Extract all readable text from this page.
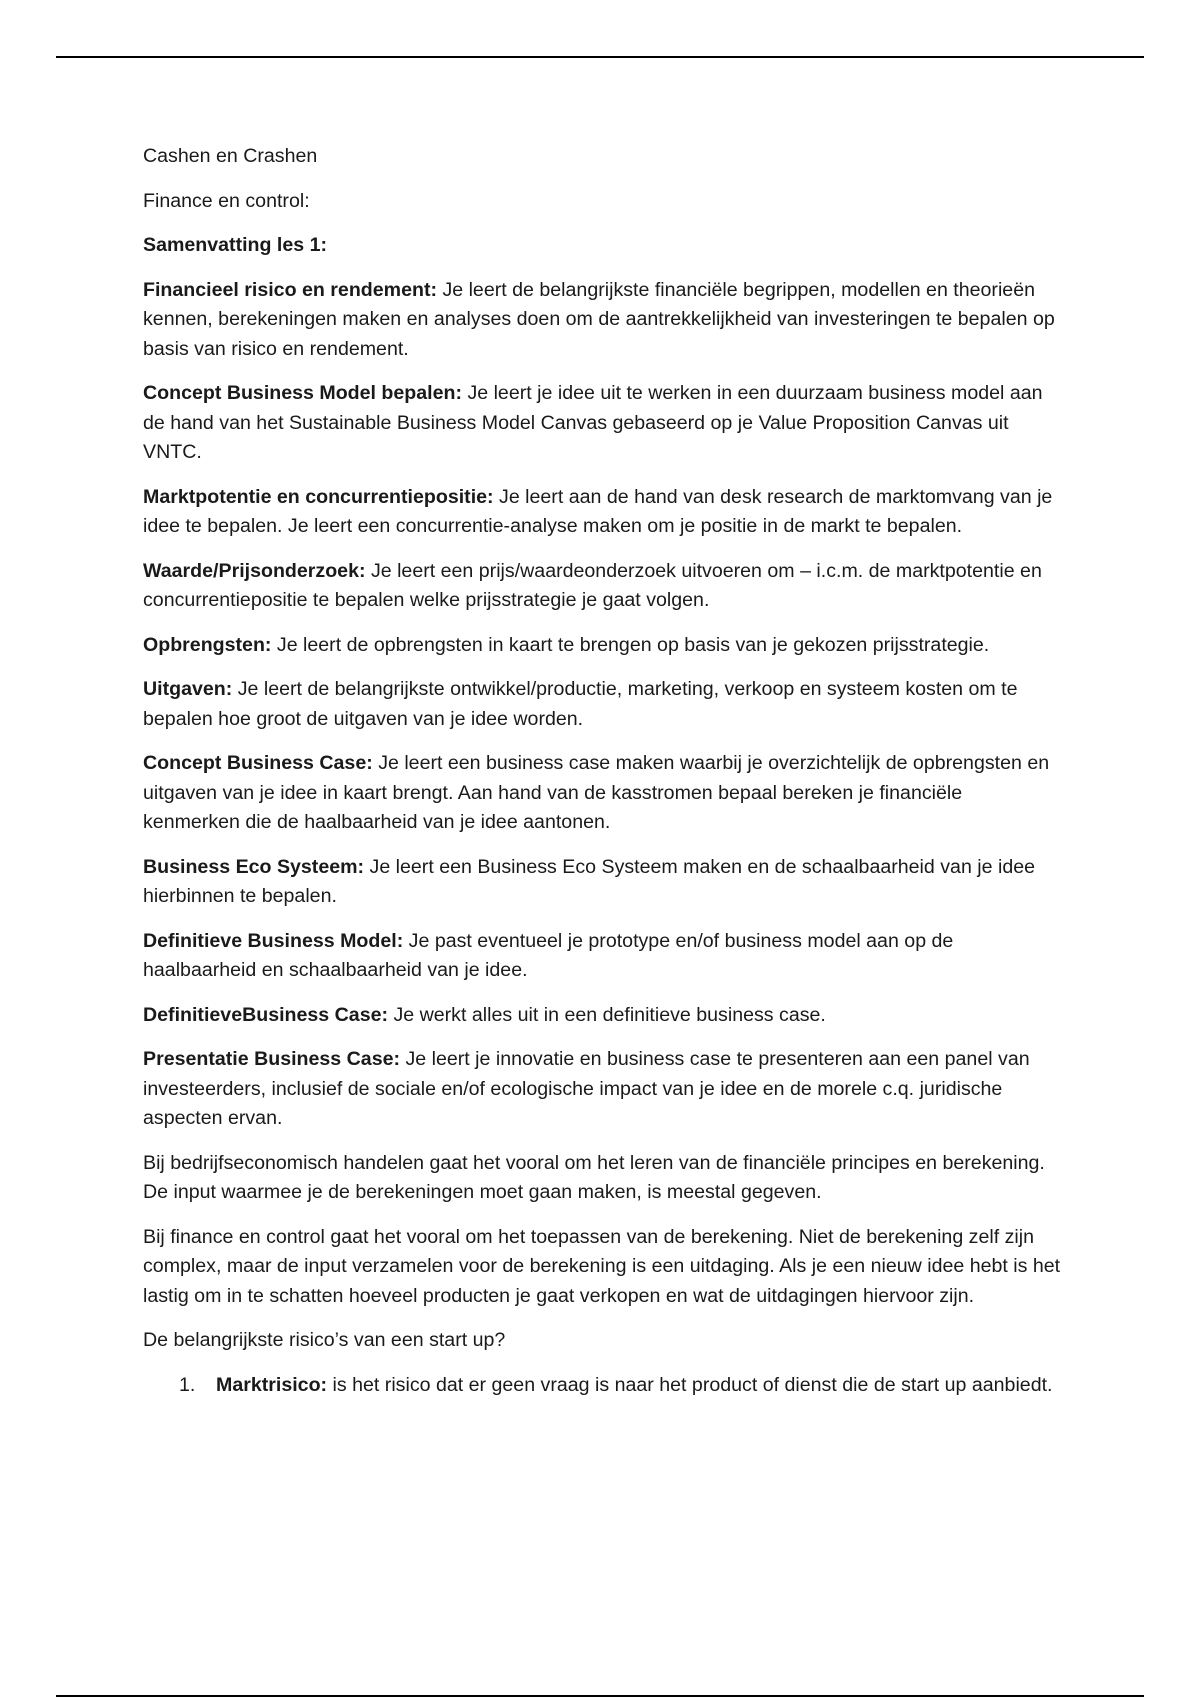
Cashen en Crashen

Finance en control:

Samenvatting les 1:

Financieel risico en rendement: Je leert de belangrijkste financiële begrippen, modellen en theorieën kennen, berekeningen maken en analyses doen om de aantrekkelijkheid van investeringen te bepalen op basis van risico en rendement.

Concept Business Model bepalen: Je leert je idee uit te werken in een duurzaam business model aan de hand van het Sustainable Business Model Canvas gebaseerd op je Value Proposition Canvas uit VNTC.

Marktpotentie en concurrentiepositie: Je leert aan de hand van desk research de marktomvang van je idee te bepalen. Je leert een concurrentie-analyse maken om je positie in de markt te bepalen.

Waarde/Prijsonderzoek: Je leert een prijs/waardeonderzoek uitvoeren om – i.c.m. de marktpotentie en concurrentiepositie te bepalen welke prijsstrategie je gaat volgen.

Opbrengsten: Je leert de opbrengsten in kaart te brengen op basis van je gekozen prijsstrategie.

Uitgaven: Je leert de belangrijkste ontwikkel/productie, marketing, verkoop en systeem kosten om te bepalen hoe groot de uitgaven van je idee worden.

Concept Business Case: Je leert een business case maken waarbij je overzichtelijk de opbrengsten en uitgaven van je idee in kaart brengt. Aan hand van de kasstromen bepaal bereken je financiële kenmerken die de haalbaarheid van je idee aantonen.

Business Eco Systeem: Je leert een Business Eco Systeem maken en de schaalbaarheid van je idee hierbinnen te bepalen.

Definitieve Business Model: Je past eventueel je prototype en/of business model aan op de haalbaarheid en schaalbaarheid van je idee.

DefinitieveBusiness Case: Je werkt alles uit in een definitieve business case.

Presentatie Business Case: Je leert je innovatie en business case te presenteren aan een panel van investeerders, inclusief de sociale en/of ecologische impact van je idee en de morele c.q. juridische aspecten ervan.

Bij bedrijfseconomisch handelen gaat het vooral om het leren van de financiële principes en berekening. De input waarmee je de berekeningen moet gaan maken, is meestal gegeven.

Bij finance en control gaat het vooral om het toepassen van de berekening. Niet de berekening zelf zijn complex, maar de input verzamelen voor de berekening is een uitdaging. Als je een nieuw idee hebt is het lastig om in te schatten hoeveel producten je gaat verkopen en wat de uitdagingen hiervoor zijn.

De belangrijkste risico’s van een start up?

1. Marktrisico: is het risico dat er geen vraag is naar het product of dienst die de start up aanbiedt.
